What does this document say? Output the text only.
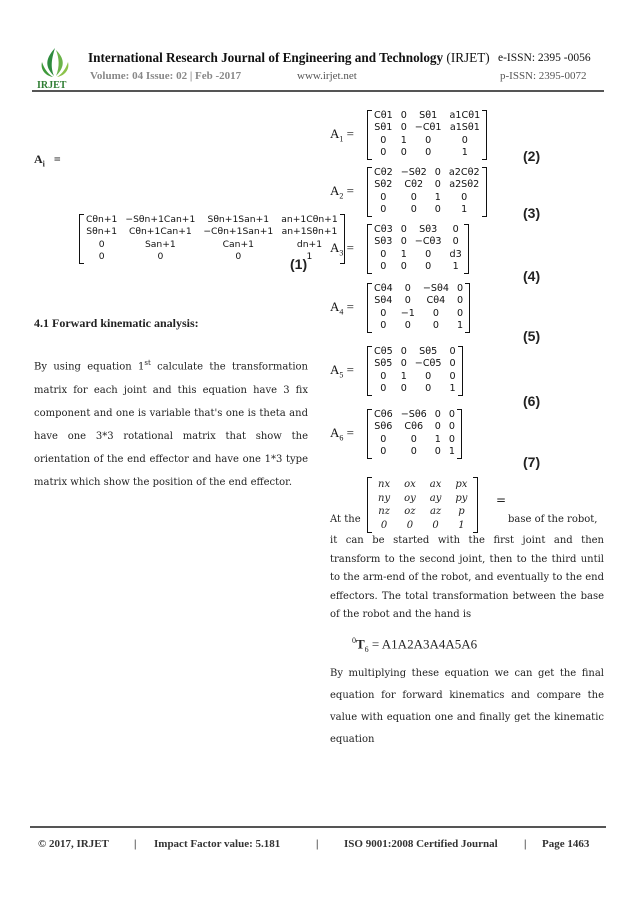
IRJET
International Research Journal of Engineering and Technology (IRJET) e-ISSN: 2395 -0056
Volume: 04 Issue: 02 | Feb -2017	www.irjet.net	p-ISSN: 2395-0072
$A_i$ =
Cθn+1	−Sθn+1Can+1	Sθn+1San+1	an+1Cθn+1
Sθn+1	Cθn+1Can+1	−Cθn+1San+1	an+1Sθn+1
0	San+1	Can+1	dn+1
0	0	0	1
(1)
4.1 Forward kinematic analysis:

By using equation 1st calculate the transformation matrix for each joint and this equation have 3 fix component and one is variable that's one is theta and have one 3*3 rotational matrix that show the orientation of the end effector and have one 1*3 type matrix which show the position of the end effector.

$A_1$ =
Cθ1	0	Sθ1	a1Cθ1
Sθ1	0	−Cθ1	a1Sθ1
0	1	0	0
0	0	0	1
$A_2$ =
Cθ2	−Sθ2	0	a2Cθ2
Sθ2	Cθ2	0	a2Sθ2
0	0	1	0
0	0	0	1
(2)
$A_3$ =
Cθ3	0	Sθ3	0
Sθ3	0	−Cθ3	0
0	1	0	d3
0	0	0	1
(3)
$A_4$ =
Cθ4	0	−Sθ4	0
Sθ4	0	Cθ4	0
0	−1	0	0
0	0	0	1
(4)
$A_5$ =
Cθ5	0	Sθ5	0
Sθ5	0	−Cθ5	0
0	1	0	0
0	0	0	1
(5)
$A_6$ =
Cθ6	−Sθ6	0	0
Sθ6	Cθ6	0	0
0	0	1	0
0	0	0	1
(6)
(7)
nx	ox	ax	px
ny	oy	ay	py
nz	oz	az	p
0	0	0	1
=
At the	base of the robot,

it can be started with the first joint and then transform to the second joint, then to the third until to the arm-end of the robot, and eventually to the end effectors. The total transformation between the base of the robot and the hand is

$^0T_6 = A1A2A3A4A5A6$

By multiplying these equation we can get the final equation for forward kinematics and compare the value with equation one and finally get the kinematic equation

© 2017, IRJET | Impact Factor value: 5.181	| ISO 9001:2008 Certified Journal | Page 1463
